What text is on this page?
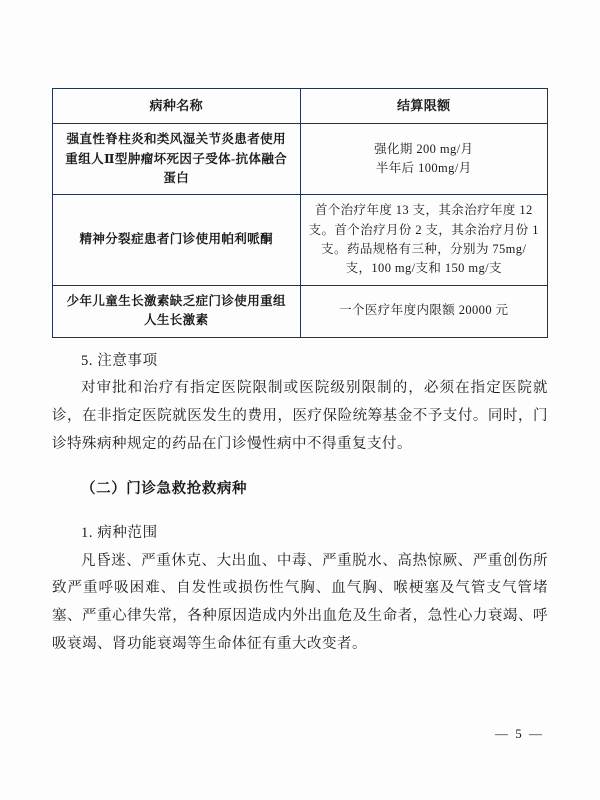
病种名称	结算限额
强直性脊柱炎和类风湿关节炎患者使用重组人Ⅱ型肿瘤坏死因子受体-抗体融合蛋白	强化期 200 mg/月
半年后 100mg/月
精神分裂症患者门诊使用帕利哌酮	首个治疗年度 13 支，其余治疗年度 12 支。首个治疗月份 2 支，其余治疗月份 1 支。药品规格有三种，分别为 75mg/支，100 mg/支和 150 mg/支
少年儿童生长激素缺乏症门诊使用重组人生长激素	一个医疗年度内限额 20000 元
5. 注意事项

对审批和治疗有指定医院限制或医院级别限制的，必须在指定医院就诊，在非指定医院就医发生的费用，医疗保险统筹基金不予支付。同时，门诊特殊病种规定的药品在门诊慢性病中不得重复支付。

（二）门诊急救抢救病种
1. 病种范围

凡昏迷、严重休克、大出血、中毒、严重脱水、高热惊厥、严重创伤所致严重呼吸困难、自发性或损伤性气胸、血气胸、喉梗塞及气管支气管堵塞、严重心律失常，各种原因造成内外出血危及生命者，急性心力衰竭、呼吸衰竭、肾功能衰竭等生命体征有重大改变者。

— 5 —
